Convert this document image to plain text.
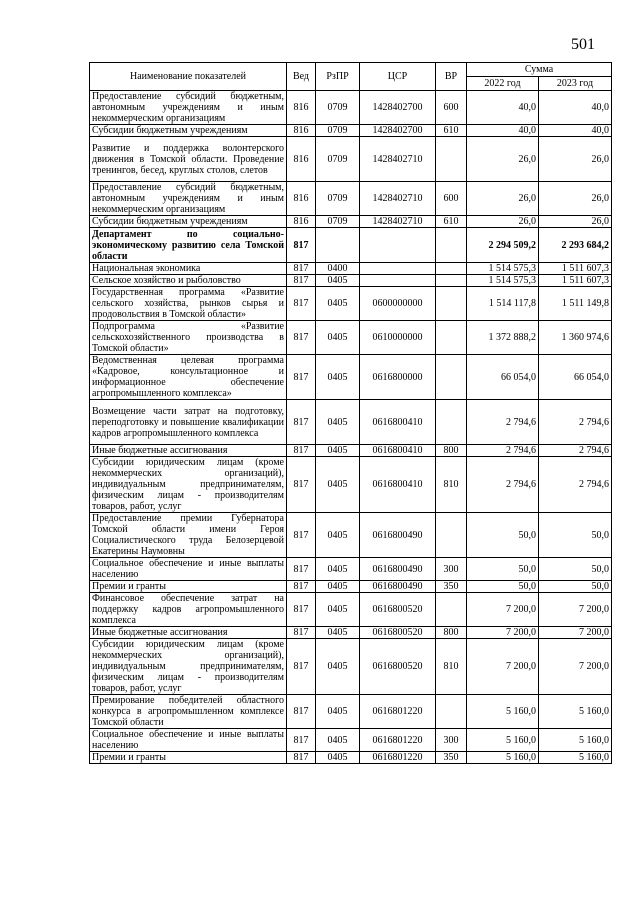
501
Наименование показателей	Вед	РзПР	ЦСР	ВР	Сумма	
					2022 год	2023 год
Предоставление субсидий бюджетным, автономным учреждениям и иным некоммерческим организациям	816	0709	1428402700	600	40,0	40,0
Субсидии бюджетным учреждениям	816	0709	1428402700	610	40,0	40,0
Развитие и поддержка волонтерского движения в Томской области. Проведение тренингов, бесед, круглых столов, слетов	816	0709	1428402710		26,0	26,0
Предоставление субсидий бюджетным, автономным учреждениям и иным некоммерческим организациям	816	0709	1428402710	600	26,0	26,0
Субсидии бюджетным учреждениям	816	0709	1428402710	610	26,0	26,0
Департамент по социально-экономическому развитию села Томской области	817				2 294 509,2	2 293 684,2
Национальная экономика	817	0400			1 514 575,3	1 511 607,3
Сельское хозяйство и рыболовство	817	0405			1 514 575,3	1 511 607,3
Государственная программа «Развитие сельского хозяйства, рынков сырья и продовольствия в Томской области»	817	0405	0600000000		1 514 117,8	1 511 149,8
Подпрограмма «Развитие сельскохозяйственного производства в Томской области»	817	0405	0610000000		1 372 888,2	1 360 974,6
Ведомственная целевая программа «Кадровое, консультационное и информационное обеспечение агропромышленного комплекса»	817	0405	0616800000		66 054,0	66 054,0
Возмещение части затрат на подготовку, переподготовку и повышение квалификации кадров агропромышленного комплекса	817	0405	0616800410		2 794,6	2 794,6
Иные бюджетные ассигнования	817	0405	0616800410	800	2 794,6	2 794,6
Субсидии юридическим лицам (кроме некоммерческих организаций), индивидуальным предпринимателям, физическим лицам - производителям товаров, работ, услуг	817	0405	0616800410	810	2 794,6	2 794,6
Предоставление премии Губернатора Томской области имени Героя Социалистического труда Белозерцевой Екатерины Наумовны	817	0405	0616800490		50,0	50,0
Социальное обеспечение и иные выплаты населению	817	0405	0616800490	300	50,0	50,0
Премии и гранты	817	0405	0616800490	350	50,0	50,0
Финансовое обеспечение затрат на поддержку кадров агропромышленного комплекса	817	0405	0616800520		7 200,0	7 200,0
Иные бюджетные ассигнования	817	0405	0616800520	800	7 200,0	7 200,0
Субсидии юридическим лицам (кроме некоммерческих организаций), индивидуальным предпринимателям, физическим лицам - производителям товаров, работ, услуг	817	0405	0616800520	810	7 200,0	7 200,0
Премирование победителей областного конкурса в агропромышленном комплексе Томской области	817	0405	0616801220		5 160,0	5 160,0
Социальное обеспечение и иные выплаты населению	817	0405	0616801220	300	5 160,0	5 160,0
Премии и гранты	817	0405	0616801220	350	5 160,0	5 160,0
